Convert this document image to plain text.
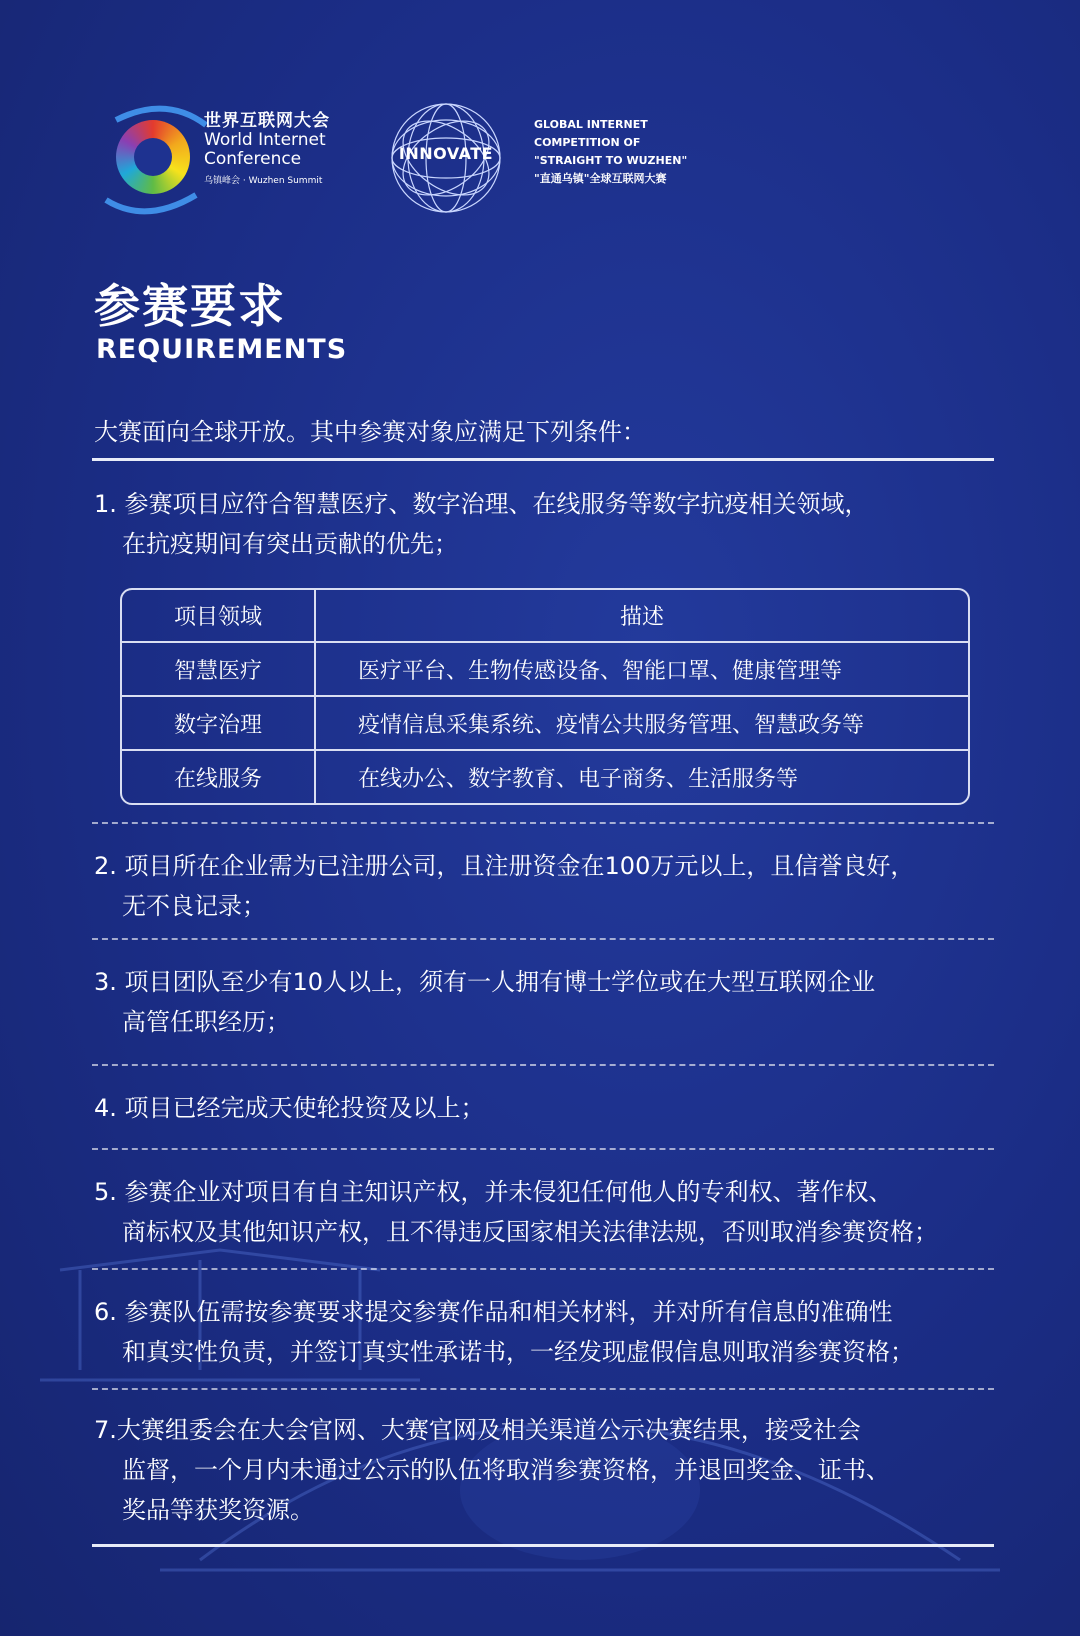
世界互联网大会
World Internet
Conference
乌镇峰会 · Wuzhen Summit
INNOVATE
GLOBAL INTERNET
COMPETITION OF
"STRAIGHT TO WUZHEN"
"直通乌镇"全球互联网大赛
参赛要求
REQUIREMENTS
大赛面向全球开放。其中参赛对象应满足下列条件：
1. 参赛项目应符合智慧医疗、数字治理、在线服务等数字抗疫相关领域，
在抗疫期间有突出贡献的优先；
项目领域	描述
智慧医疗	医疗平台、生物传感设备、智能口罩、健康管理等
数字治理	疫情信息采集系统、疫情公共服务管理、智慧政务等
在线服务	在线办公、数字教育、电子商务、生活服务等
2. 项目所在企业需为已注册公司，且注册资金在100万元以上，且信誉良好，
无不良记录；
3. 项目团队至少有10人以上，须有一人拥有博士学位或在大型互联网企业
高管任职经历；
4. 项目已经完成天使轮投资及以上；
5. 参赛企业对项目有自主知识产权，并未侵犯任何他人的专利权、著作权、
商标权及其他知识产权，且不得违反国家相关法律法规，否则取消参赛资格；
6. 参赛队伍需按参赛要求提交参赛作品和相关材料，并对所有信息的准确性
和真实性负责，并签订真实性承诺书，一经发现虚假信息则取消参赛资格；
7.大赛组委会在大会官网、大赛官网及相关渠道公示决赛结果，接受社会
监督，一个月内未通过公示的队伍将取消参赛资格，并退回奖金、证书、
奖品等获奖资源。
